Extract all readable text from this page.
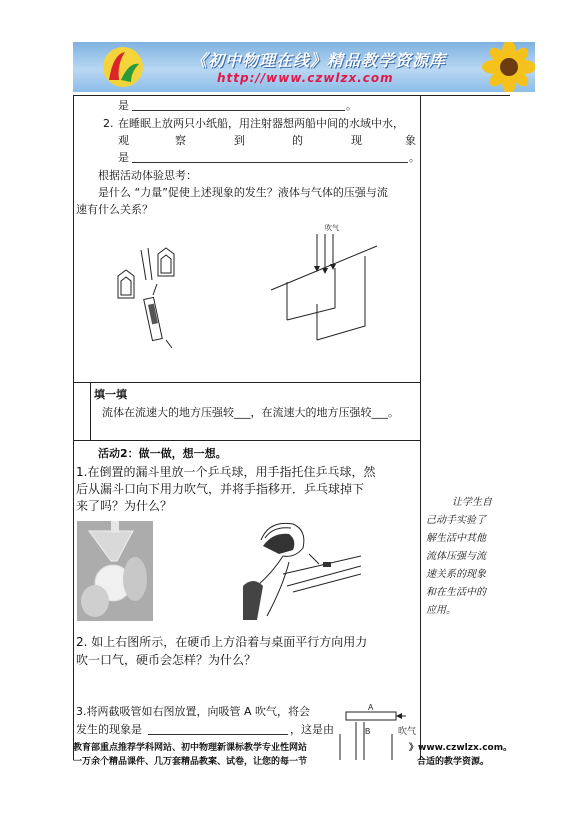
《初中物理在线》精品教学资源库
http://www.czwlzx.com
是	。
2. 在睡眠上放两只小纸船，用注射器想两船中间的水域中水，
观	察	到	的	现	象
是	。
根据活动体验思考：
是什么 “力量”促使上述现象的发生？液体与气体的压强与流
速有什么关系？
吹气
填一填
流体在流速大的地方压强较___，在流速大的地方压强较___。
活动2：做一做，想一想。
1.在倒置的漏斗里放一个乒乓球，用手指托住乒乓球，然
后从漏斗口向下用力吹气，并将手指移开．乒乓球掉下
来了吗？为什么？
2. 如上右图所示，在硬币上方沿着与桌面平行方向用力
吹一口气，硬币会怎样？为什么？
3.将两截吸管如右图放置，向吸管 A 吹气，将会
发生的现象是	，这是由
A
B	吹气
让学生自
己动手实验了
解生活中其他
流体压强与流
速关系的现象
和在生活中的
应用。
教育部重点推荐学科网站、初中物理新课标教学专业性网站	》www.czwlzx.com。
一万余个精品课件、几万套精品教案、试卷，让您的每一节	合适的教学资源。
